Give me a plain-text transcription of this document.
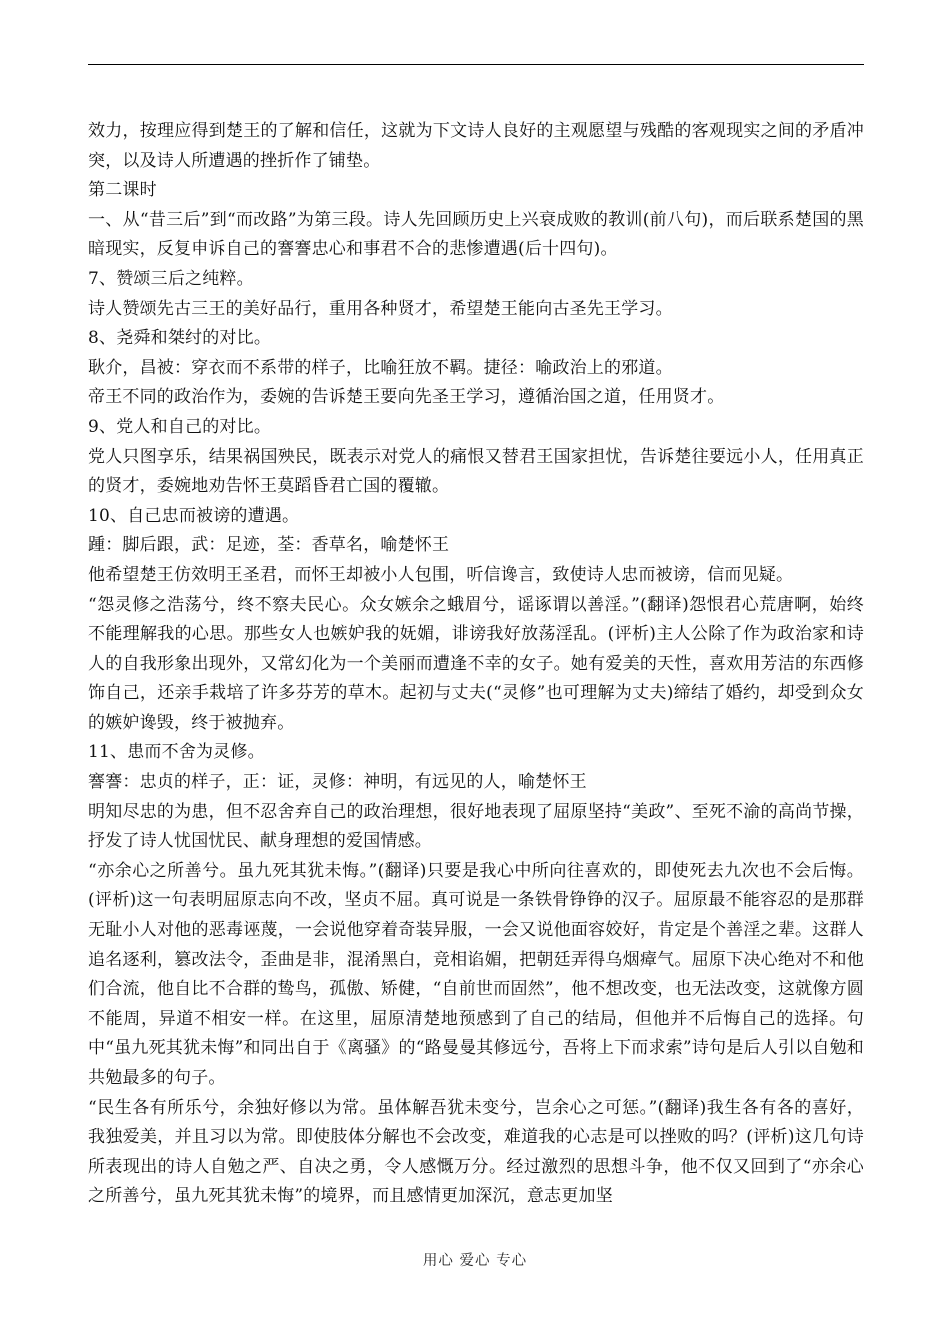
效力，按理应得到楚王的了解和信任，这就为下文诗人良好的主观愿望与残酷的客观现实之间的矛盾冲突，以及诗人所遭遇的挫折作了铺垫。

第二课时

一、从“昔三后”到“而改路”为第三段。诗人先回顾历史上兴衰成败的教训(前八句)，而后联系楚国的黑暗现实，反复申诉自己的謇謇忠心和事君不合的悲惨遭遇(后十四句)。

7、赞颂三后之纯粹。

诗人赞颂先古三王的美好品行，重用各种贤才，希望楚王能向古圣先王学习。

8、尧舜和桀纣的对比。

耿介，昌被：穿衣而不系带的样子，比喻狂放不羁。捷径：喻政治上的邪道。

帝王不同的政治作为，委婉的告诉楚王要向先圣王学习，遵循治国之道，任用贤才。

9、党人和自己的对比。

党人只图享乐，结果祸国殃民，既表示对党人的痛恨又替君王国家担忧，告诉楚往要远小人，任用真正的贤才，委婉地劝告怀王莫蹈昏君亡国的覆辙。

10、自己忠而被谤的遭遇。

踵：脚后跟，武：足迹，荃：香草名，喻楚怀王

他希望楚王仿效明王圣君，而怀王却被小人包围，听信谗言，致使诗人忠而被谤，信而见疑。

“怨灵修之浩荡兮，终不察夫民心。众女嫉余之蛾眉兮，谣诼谓以善淫。”(翻译)怨恨君心荒唐啊，始终不能理解我的心思。那些女人也嫉妒我的妩媚，诽谤我好放荡淫乱。(评析)主人公除了作为政治家和诗人的自我形象出现外，又常幻化为一个美丽而遭逢不幸的女子。她有爱美的天性，喜欢用芳洁的东西修饰自己，还亲手栽培了许多芬芳的草木。起初与丈夫(“灵修”也可理解为丈夫)缔结了婚约，却受到众女的嫉妒谗毁，终于被抛弃。

11、患而不舍为灵修。

謇謇：忠贞的样子，正：证，灵修：神明，有远见的人，喻楚怀王

明知尽忠的为患，但不忍舍弃自己的政治理想，很好地表现了屈原坚持“美政”、至死不渝的高尚节操，抒发了诗人忧国忧民、献身理想的爱国情感。

“亦余心之所善兮。虽九死其犹未悔。”(翻译)只要是我心中所向往喜欢的，即使死去九次也不会后悔。(评析)这一句表明屈原志向不改，坚贞不屈。真可说是一条铁骨铮铮的汉子。屈原最不能容忍的是那群无耻小人对他的恶毒诬蔑，一会说他穿着奇装异服，一会又说他面容姣好，肯定是个善淫之辈。这群人追名逐利，篡改法令，歪曲是非，混淆黑白，竞相谄媚，把朝廷弄得乌烟瘴气。屈原下决心绝对不和他们合流，他自比不合群的鸷鸟，孤傲、矫健，“自前世而固然”，他不想改变，也无法改变，这就像方圆不能周，异道不相安一样。在这里，屈原清楚地预感到了自己的结局，但他并不后悔自己的选择。句中“虽九死其犹未悔”和同出自于《离骚》的“路曼曼其修远兮，吾将上下而求索”诗句是后人引以自勉和共勉最多的句子。

“民生各有所乐兮，余独好修以为常。虽体解吾犹未变兮，岂余心之可惩。”(翻译)我生各有各的喜好，我独爱美，并且习以为常。即使肢体分解也不会改变，难道我的心志是可以挫败的吗？(评析)这几句诗所表现出的诗人自勉之严、自决之勇，令人感慨万分。经过激烈的思想斗争，他不仅又回到了“亦余心之所善兮，虽九死其犹未悔”的境界，而且感情更加深沉，意志更加坚

用心 爱心 专心
